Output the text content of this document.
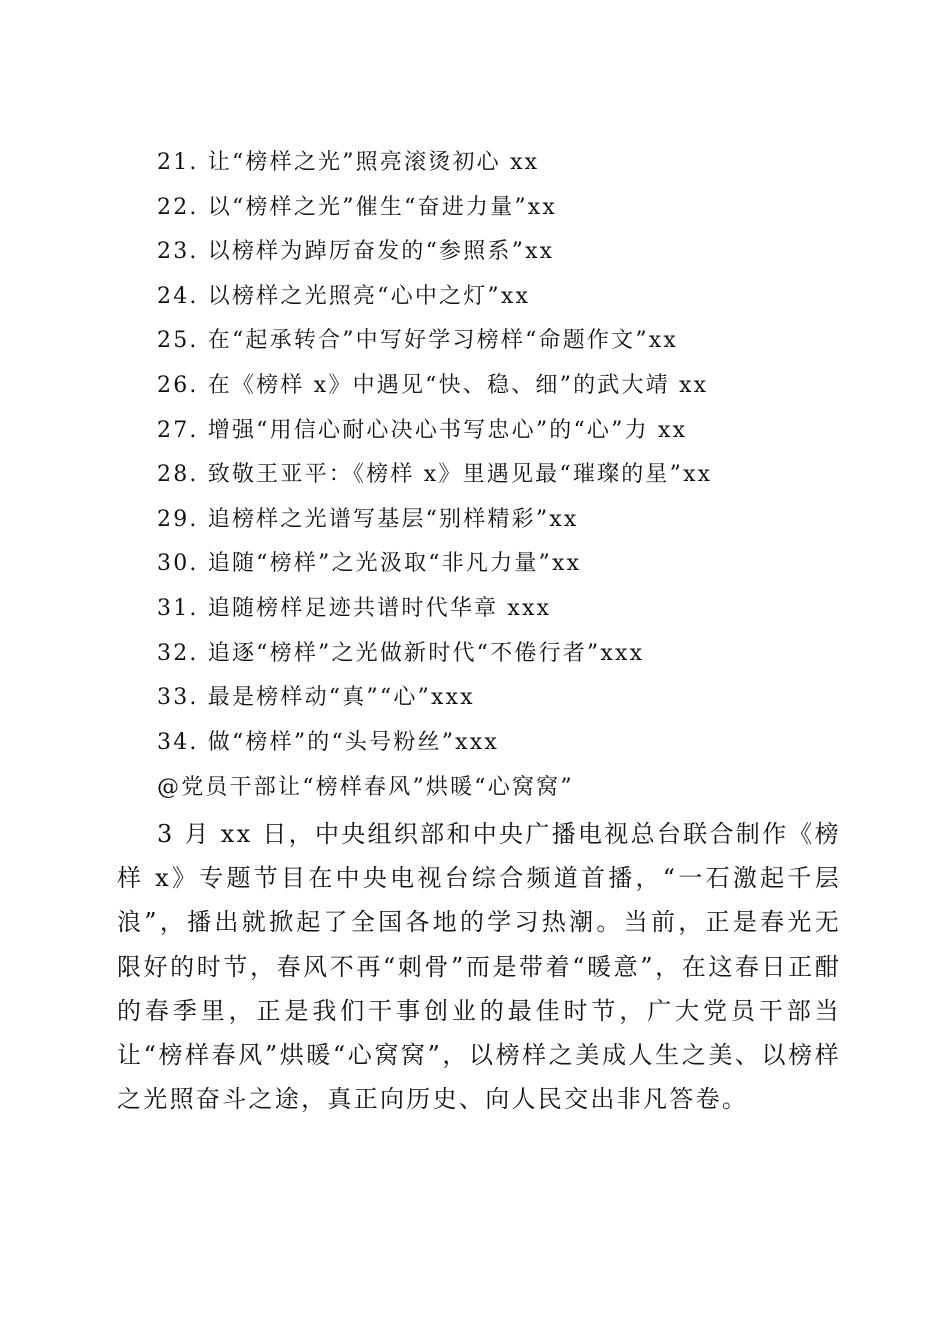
21. 让“榜样之光”照亮滚烫初心 xx
22. 以“榜样之光”催生“奋进力量”xx
23. 以榜样为踔厉奋发的“参照系”xx
24. 以榜样之光照亮“心中之灯”xx
25. 在“起承转合”中写好学习榜样“命题作文”xx
26. 在《榜样 x》中遇见“快、稳、细”的武大靖 xx
27. 增强“用信心耐心决心书写忠心”的“心”力 xx
28. 致敬王亚平：《榜样 x》里遇见最“璀璨的星”xx
29. 追榜样之光谱写基层“别样精彩”xx
30. 追随“榜样”之光汲取“非凡力量”xx
31. 追随榜样足迹共谱时代华章 xxx
32. 追逐“榜样”之光做新时代“不倦行者”xxx
33. 最是榜样动“真”“心”xxx
34. 做“榜样”的“头号粉丝”xxx
@党员干部让“榜样春风”烘暖“心窝窝”

3 月 xx 日，中央组织部和中央广播电视总台联合制作《榜样 x》专题节目在中央电视台综合频道首播，“一石激起千层浪”，播出就掀起了全国各地的学习热潮。当前，正是春光无限好的时节，春风不再“刺骨”而是带着“暖意”，在这春日正酣的春季里，正是我们干事创业的最佳时节，广大党员干部当让“榜样春风”烘暖“心窝窝”，以榜样之美成人生之美、以榜样之光照奋斗之途，真正向历史、向人民交出非凡答卷。
